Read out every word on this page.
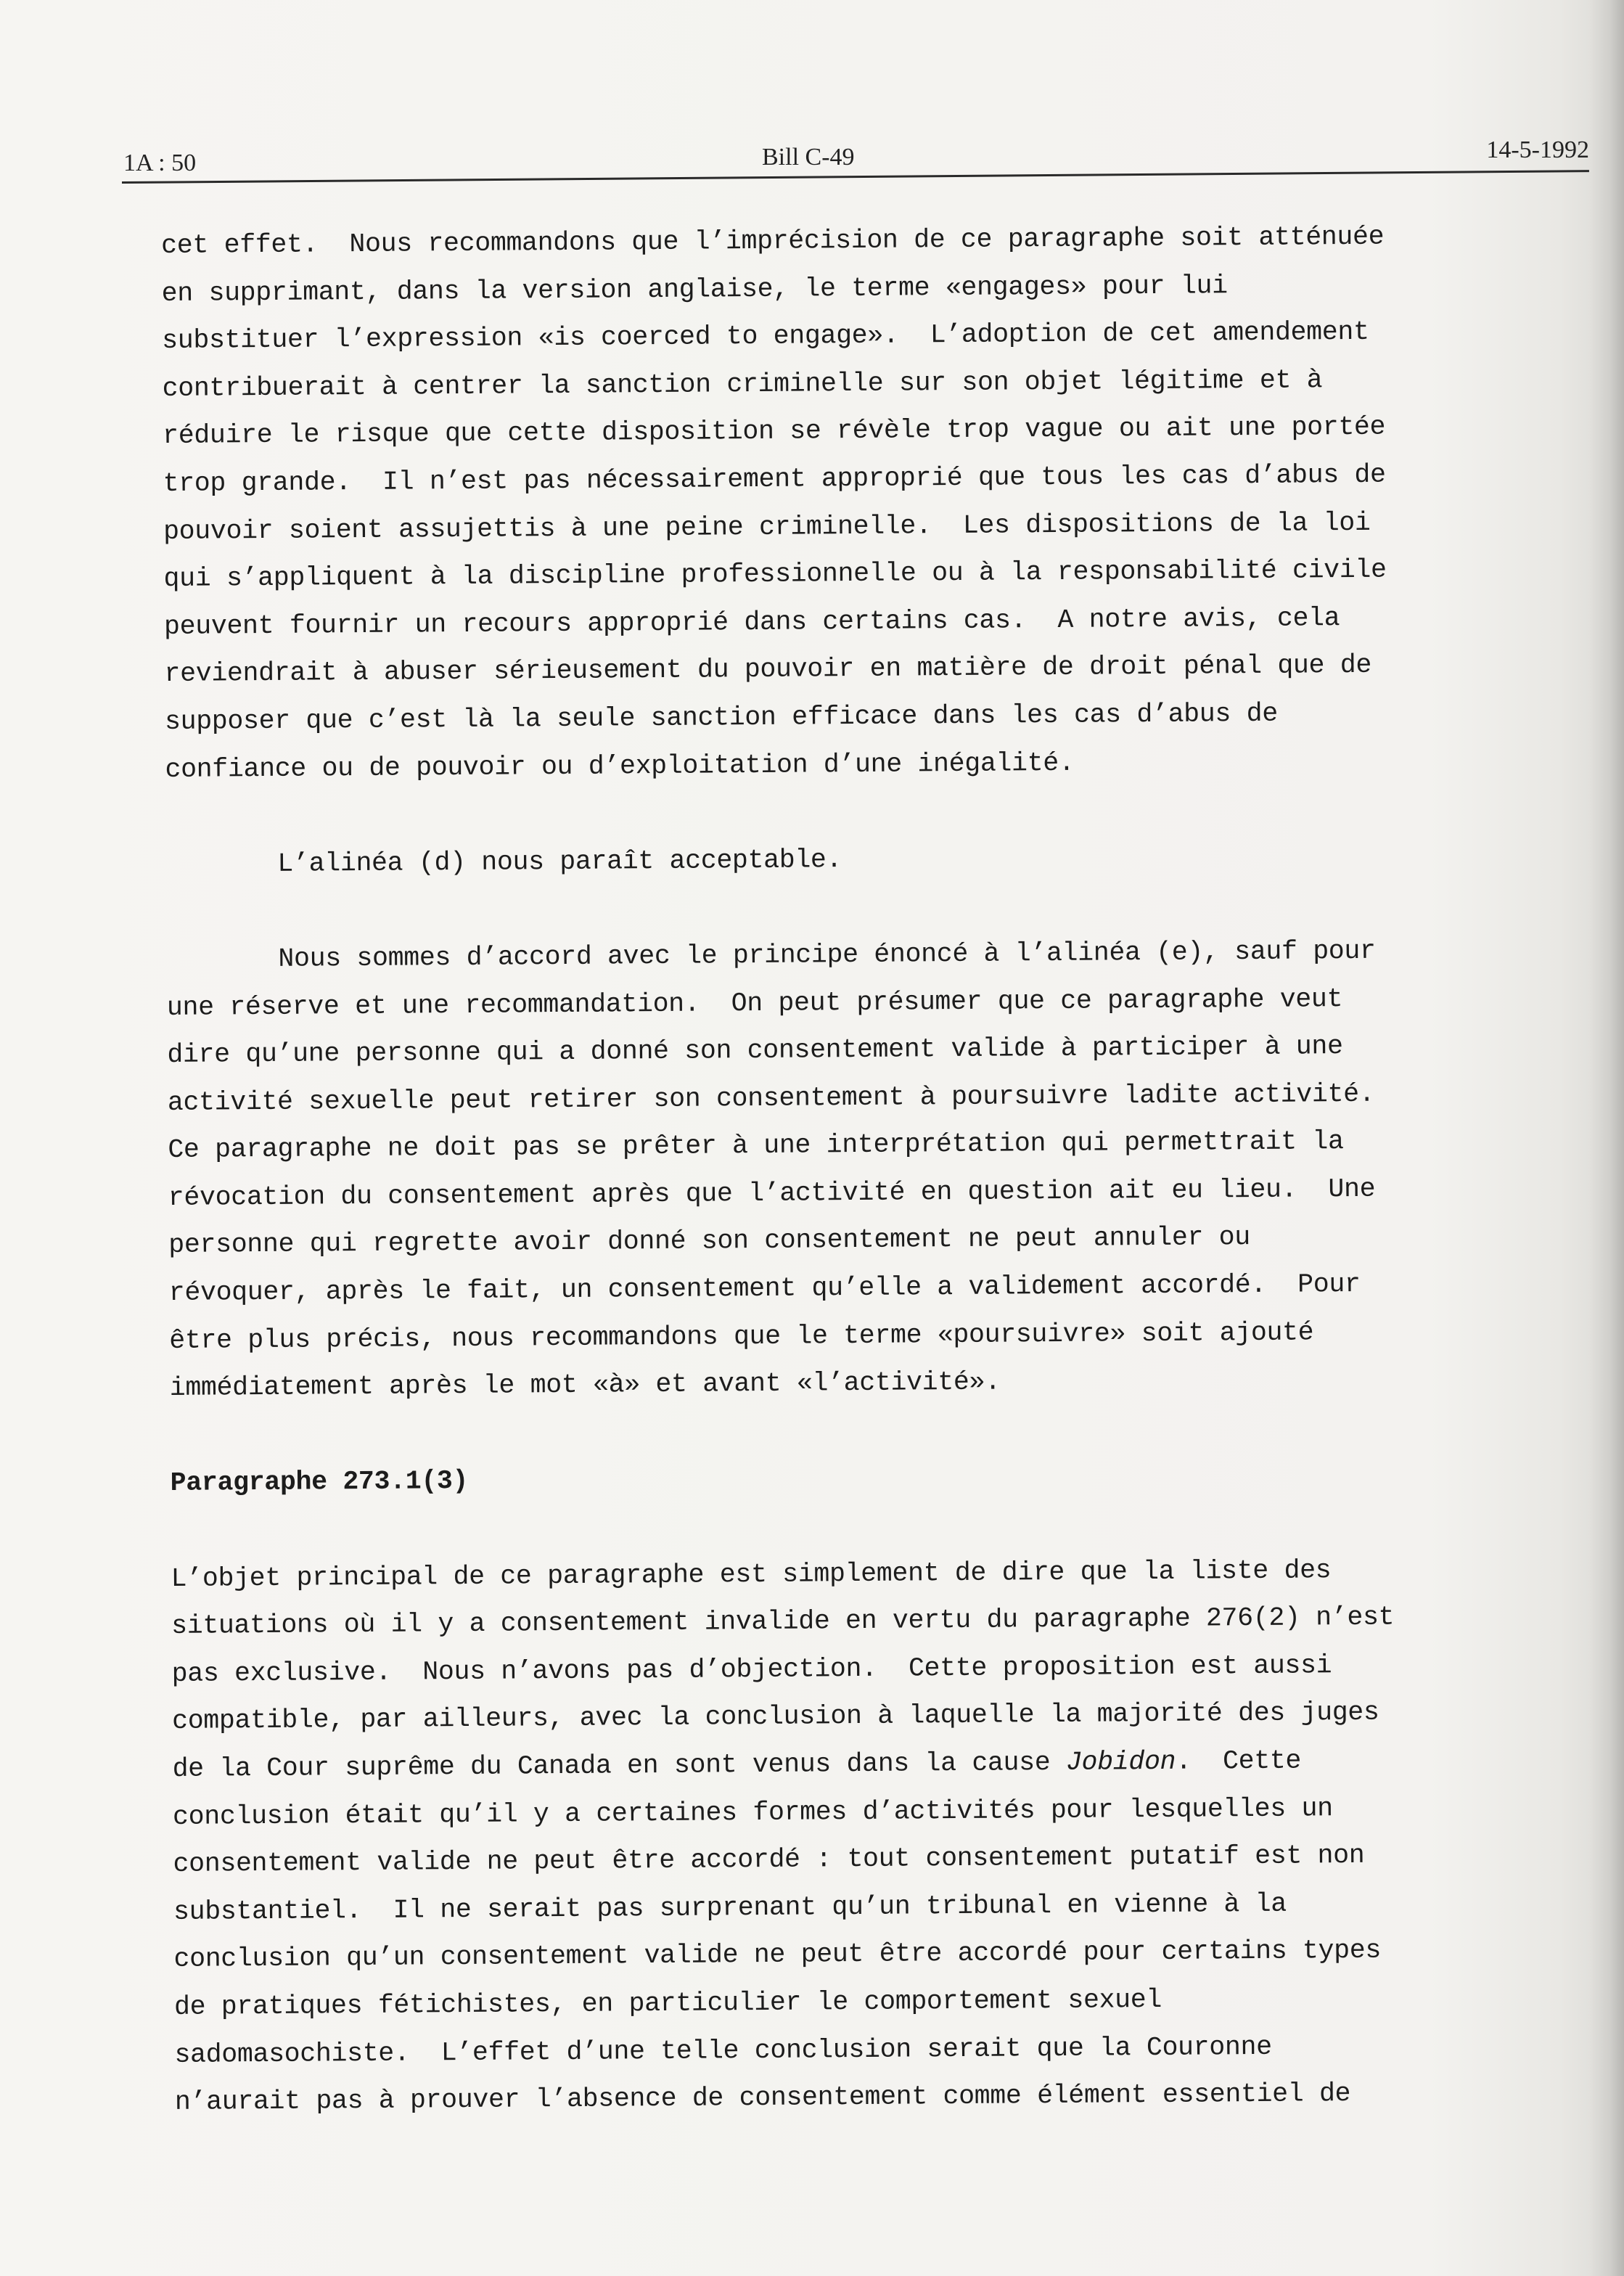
1A : 50	Bill C-49	14-5-1992
cet effet.  Nous recommandons que l’imprécision de ce paragraphe soit atténuée
en supprimant, dans la version anglaise, le terme «engages» pour lui
substituer l’expression «is coerced to engage».  L’adoption de cet amendement
contribuerait à centrer la sanction criminelle sur son objet légitime et à
réduire le risque que cette disposition se révèle trop vague ou ait une portée
trop grande.  Il n’est pas nécessairement approprié que tous les cas d’abus de
pouvoir soient assujettis à une peine criminelle.  Les dispositions de la loi
qui s’appliquent à la discipline professionnelle ou à la responsabilité civile
peuvent fournir un recours approprié dans certains cas.  A notre avis, cela
reviendrait à abuser sérieusement du pouvoir en matière de droit pénal que de
supposer que c’est là la seule sanction efficace dans les cas d’abus de
confiance ou de pouvoir ou d’exploitation d’une inégalité.
L’alinéa (d) nous paraît acceptable.
Nous sommes d’accord avec le principe énoncé à l’alinéa (e), sauf pour
une réserve et une recommandation.  On peut présumer que ce paragraphe veut
dire qu’une personne qui a donné son consentement valide à participer à une
activité sexuelle peut retirer son consentement à poursuivre ladite activité.
Ce paragraphe ne doit pas se prêter à une interprétation qui permettrait la
révocation du consentement après que l’activité en question ait eu lieu.  Une
personne qui regrette avoir donné son consentement ne peut annuler ou
révoquer, après le fait, un consentement qu’elle a validement accordé.  Pour
être plus précis, nous recommandons que le terme «poursuivre» soit ajouté
immédiatement après le mot «à» et avant «l’activité».
Paragraphe 273.1(3)
L’objet principal de ce paragraphe est simplement de dire que la liste des
situations où il y a consentement invalide en vertu du paragraphe 276(2) n’est
pas exclusive.  Nous n’avons pas d’objection.  Cette proposition est aussi
compatible, par ailleurs, avec la conclusion à laquelle la majorité des juges
de la Cour suprême du Canada en sont venus dans la cause Jobidon.  Cette
conclusion était qu’il y a certaines formes d’activités pour lesquelles un
consentement valide ne peut être accordé : tout consentement putatif est non
substantiel.  Il ne serait pas surprenant qu’un tribunal en vienne à la
conclusion qu’un consentement valide ne peut être accordé pour certains types
de pratiques fétichistes, en particulier le comportement sexuel
sadomasochiste.  L’effet d’une telle conclusion serait que la Couronne
n’aurait pas à prouver l’absence de consentement comme élément essentiel de
